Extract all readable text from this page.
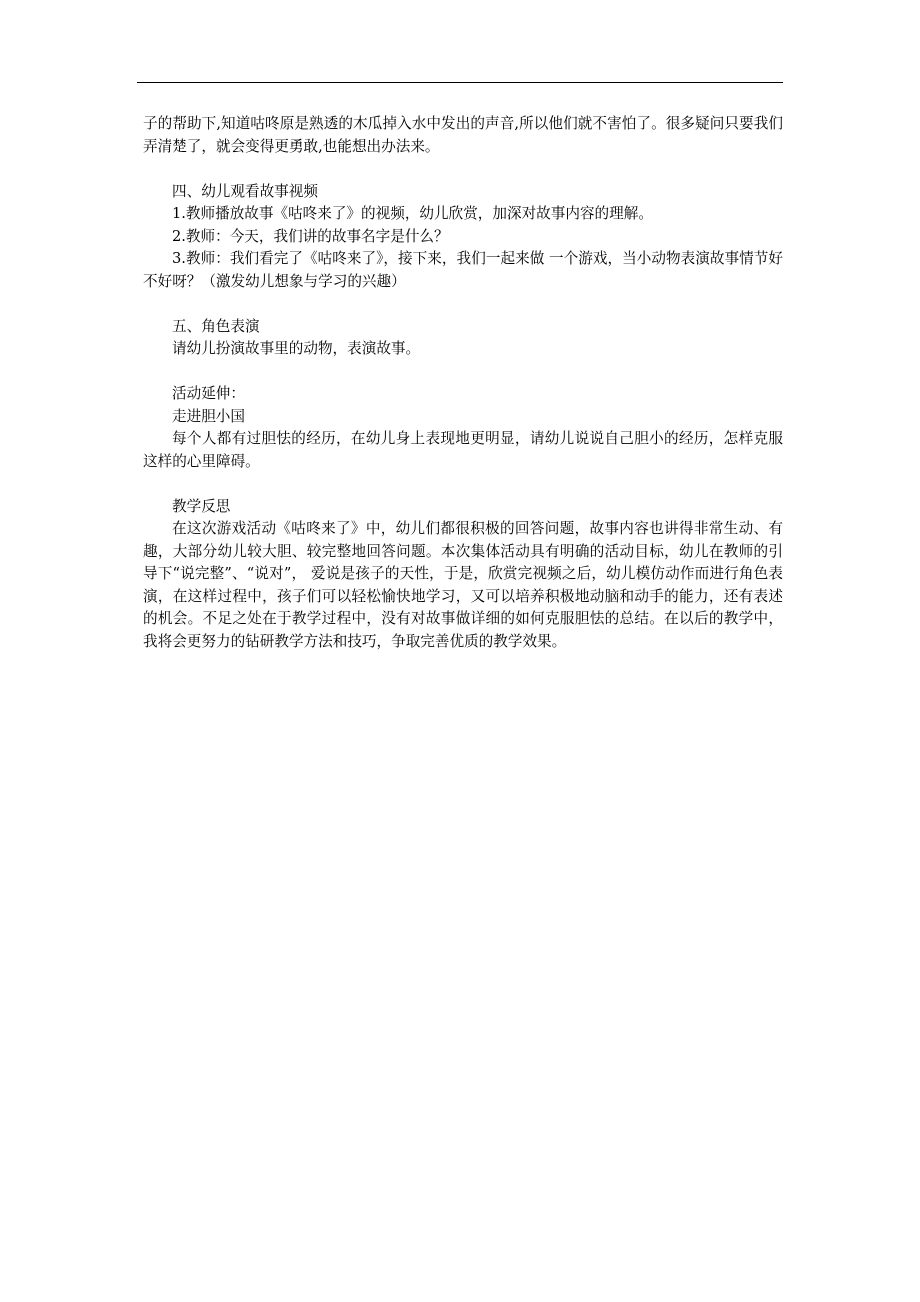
子的帮助下,知道咕咚原是熟透的木瓜掉入水中发出的声音,所以他们就不害怕了。很多疑问只要我们弄清楚了，就会变得更勇敢,也能想出办法来。

四、幼儿观看故事视频

1.教师播放故事《咕咚来了》的视频，幼儿欣赏，加深对故事内容的理解。

2.教师：今天，我们讲的故事名字是什么？

3.教师：我们看完了《咕咚来了》，接下来，我们一起来做 一个游戏，当小动物表演故事情节好不好呀？（激发幼儿想象与学习的兴趣）

五、角色表演

请幼儿扮演故事里的动物，表演故事。

活动延伸：

走进胆小国

每个人都有过胆怯的经历，在幼儿身上表现地更明显，请幼儿说说自己胆小的经历，怎样克服这样的心里障碍。

教学反思

在这次游戏活动《咕咚来了》中，幼儿们都很积极的回答问题，故事内容也讲得非常生动、有趣，大部分幼儿较大胆、较完整地回答问题。本次集体活动具有明确的活动目标，幼儿在教师的引导下“说完整”、“说对”， 爱说是孩子的天性，于是，欣赏完视频之后，幼儿模仿动作而进行角色表演，在这样过程中，孩子们可以轻松愉快地学习，又可以培养积极地动脑和动手的能力，还有表述的机会。不足之处在于教学过程中，没有对故事做详细的如何克服胆怯的总结。在以后的教学中，我将会更努力的钻研教学方法和技巧，争取完善优质的教学效果。
